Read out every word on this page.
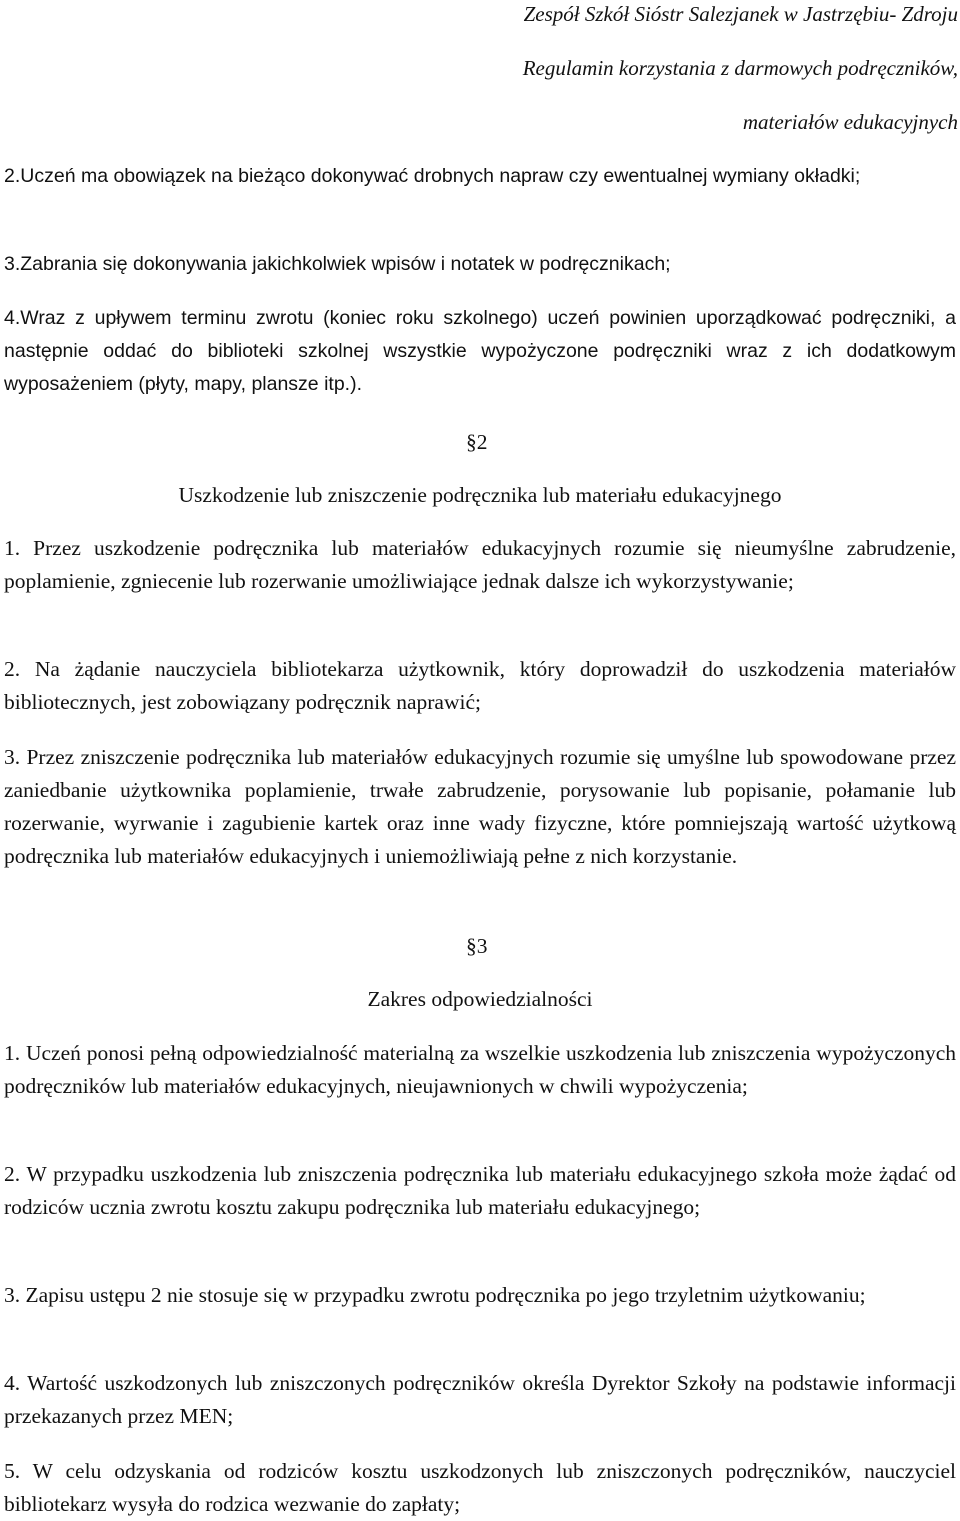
Zespół Szkół Sióstr Salezjanek w Jastrzębiu- Zdroju
Regulamin korzystania z darmowych podręczników,
materiałów edukacyjnych
2.Uczeń ma obowiązek na bieżąco dokonywać drobnych napraw czy ewentualnej wymiany okładki;
3.Zabrania się dokonywania jakichkolwiek wpisów i notatek w podręcznikach;
4.Wraz z upływem terminu zwrotu (koniec roku szkolnego) uczeń powinien uporządkować podręczniki, a następnie oddać do biblioteki szkolnej wszystkie wypożyczone podręczniki wraz z ich dodatkowym wyposażeniem (płyty, mapy, plansze itp.).
§2
Uszkodzenie lub zniszczenie podręcznika lub materiału edukacyjnego
1. Przez uszkodzenie podręcznika lub materiałów edukacyjnych rozumie się nieumyślne zabrudzenie, poplamienie, zgniecenie lub rozerwanie umożliwiające jednak dalsze ich wykorzystywanie;
2. Na żądanie nauczyciela bibliotekarza użytkownik, który doprowadził do uszkodzenia materiałów bibliotecznych, jest zobowiązany podręcznik naprawić;
3. Przez zniszczenie podręcznika lub materiałów edukacyjnych rozumie się umyślne lub spowodowane przez zaniedbanie użytkownika poplamienie, trwałe zabrudzenie, porysowanie lub popisanie, połamanie lub rozerwanie, wyrwanie i zagubienie kartek oraz inne wady fizyczne, które pomniejszają wartość użytkową podręcznika lub materiałów edukacyjnych i uniemożliwiają pełne z nich korzystanie.
§3
Zakres odpowiedzialności
1. Uczeń ponosi pełną odpowiedzialność materialną za wszelkie uszkodzenia lub zniszczenia wypożyczonych podręczników lub materiałów edukacyjnych, nieujawnionych w chwili wypożyczenia;
2. W przypadku uszkodzenia lub zniszczenia podręcznika lub materiału edukacyjnego szkoła może żądać od rodziców ucznia zwrotu kosztu zakupu podręcznika lub materiału edukacyjnego;
3. Zapisu ustępu 2 nie stosuje się w przypadku zwrotu podręcznika po jego trzyletnim użytkowaniu;
4. Wartość uszkodzonych lub zniszczonych podręczników określa Dyrektor Szkoły na podstawie informacji przekazanych przez MEN;
5. W celu odzyskania od rodziców kosztu uszkodzonych lub zniszczonych podręczników, nauczyciel bibliotekarz wysyła do rodzica wezwanie do zapłaty;
